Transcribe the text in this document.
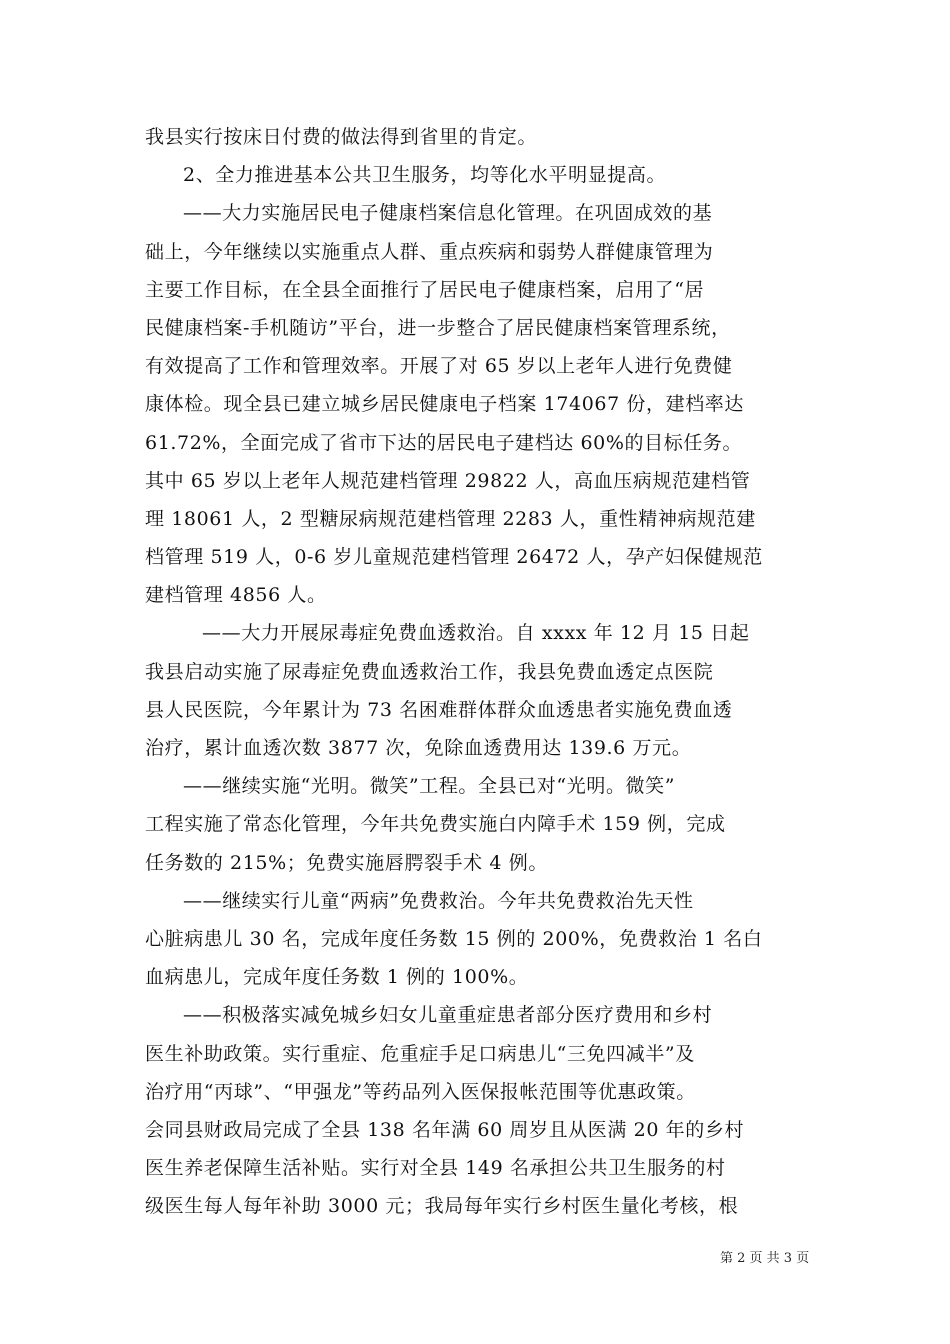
我县实行按床日付费的做法得到省里的肯定。
2、全力推进基本公共卫生服务，均等化水平明显提高。
——大力实施居民电子健康档案信息化管理。在巩固成效的基
础上，今年继续以实施重点人群、重点疾病和弱势人群健康管理为
主要工作目标，在全县全面推行了居民电子健康档案，启用了“居
民健康档案-手机随访”平台，进一步整合了居民健康档案管理系统，
有效提高了工作和管理效率。开展了对 65 岁以上老年人进行免费健
康体检。现全县已建立城乡居民健康电子档案 174067 份，建档率达
61.72%，全面完成了省市下达的居民电子建档达 60%的目标任务。
其中 65 岁以上老年人规范建档管理 29822 人，高血压病规范建档管
理 18061 人，2 型糖尿病规范建档管理 2283 人，重性精神病规范建
档管理 519 人，0-6 岁儿童规范建档管理 26472 人，孕产妇保健规范
建档管理 4856 人。
——大力开展尿毒症免费血透救治。自 xxxx 年 12 月 15 日起
我县启动实施了尿毒症免费血透救治工作，我县免费血透定点医院
县人民医院，今年累计为 73 名困难群体群众血透患者实施免费血透
治疗，累计血透次数 3877 次，免除血透费用达 139.6 万元。
——继续实施“光明。微笑”工程。全县已对“光明。微笑”
工程实施了常态化管理，今年共免费实施白内障手术 159 例，完成
任务数的 215%；免费实施唇腭裂手术 4 例。
——继续实行儿童“两病”免费救治。今年共免费救治先天性
心脏病患儿 30 名，完成年度任务数 15 例的 200%，免费救治 1 名白
血病患儿，完成年度任务数 1 例的 100%。
——积极落实减免城乡妇女儿童重症患者部分医疗费用和乡村
医生补助政策。实行重症、危重症手足口病患儿“三免四减半”及
治疗用“丙球”、“甲强龙”等药品列入医保报帐范围等优惠政策。
会同县财政局完成了全县 138 名年满 60 周岁且从医满 20 年的乡村
医生养老保障生活补贴。实行对全县 149 名承担公共卫生服务的村
级医生每人每年补助 3000 元；我局每年实行乡村医生量化考核，根
第 2 页 共 3 页
